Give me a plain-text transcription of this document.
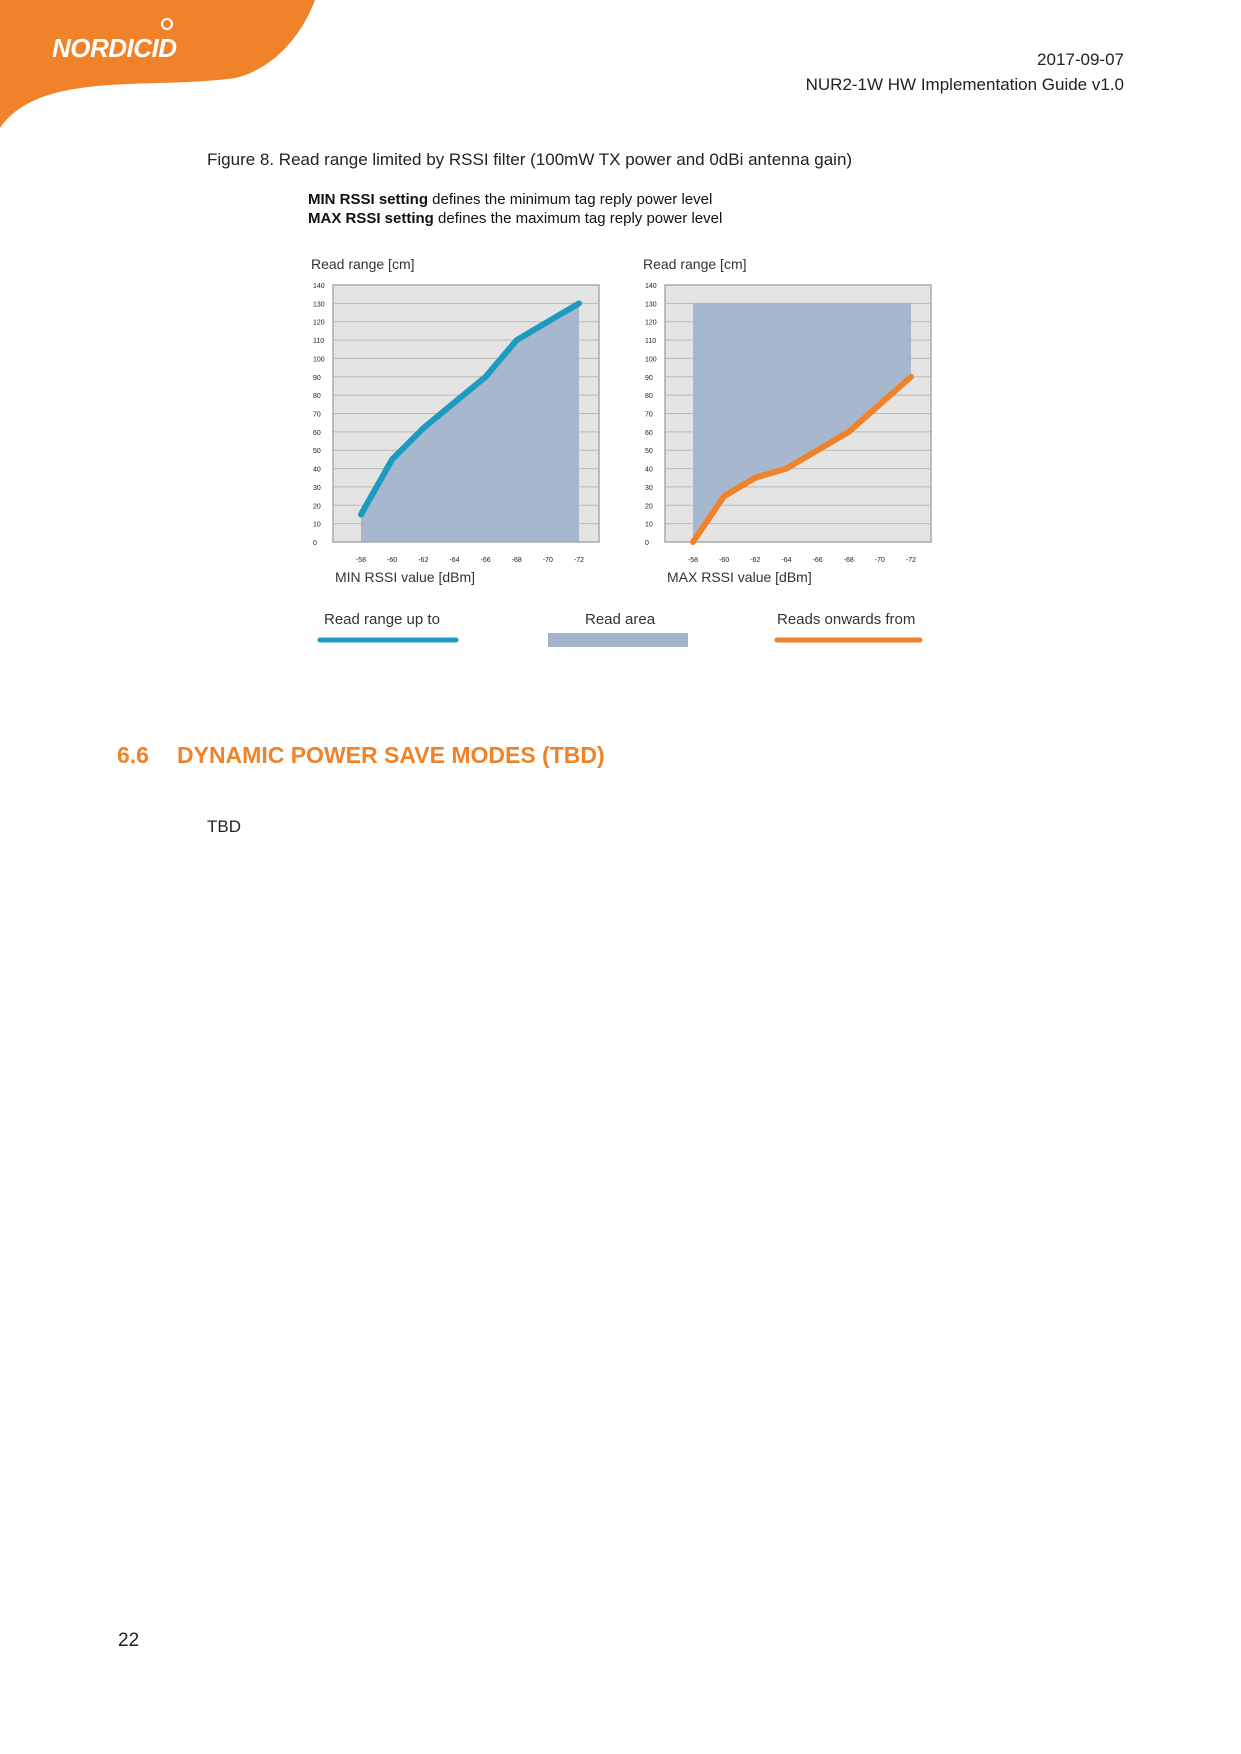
NORDICID	2017-09-07
NUR2-1W HW Implementation Guide v1.0
Figure 8. Read range limited by RSSI filter (100mW TX power and 0dBi antenna gain)
MIN RSSI setting defines the minimum tag reply power level
MAX RSSI setting defines the maximum tag reply power level
0
10
20
30
40
50
60
70
80
90
100
110
120
130
140
-58	-60	-62	-64	-66	-68	-70	-72
Read range [cm]
MIN RSSI value [dBm]
0
10
20
30
40
50
60
70
80
90
100
110
120
130
140
-58	-60	-62	-64	-66	-68	-70	-72
Read range [cm]
MAX RSSI value [dBm]
Read range up to	Read area	Reads onwards from
6.6 DYNAMIC POWER SAVE MODES (TBD)
TBD
22
